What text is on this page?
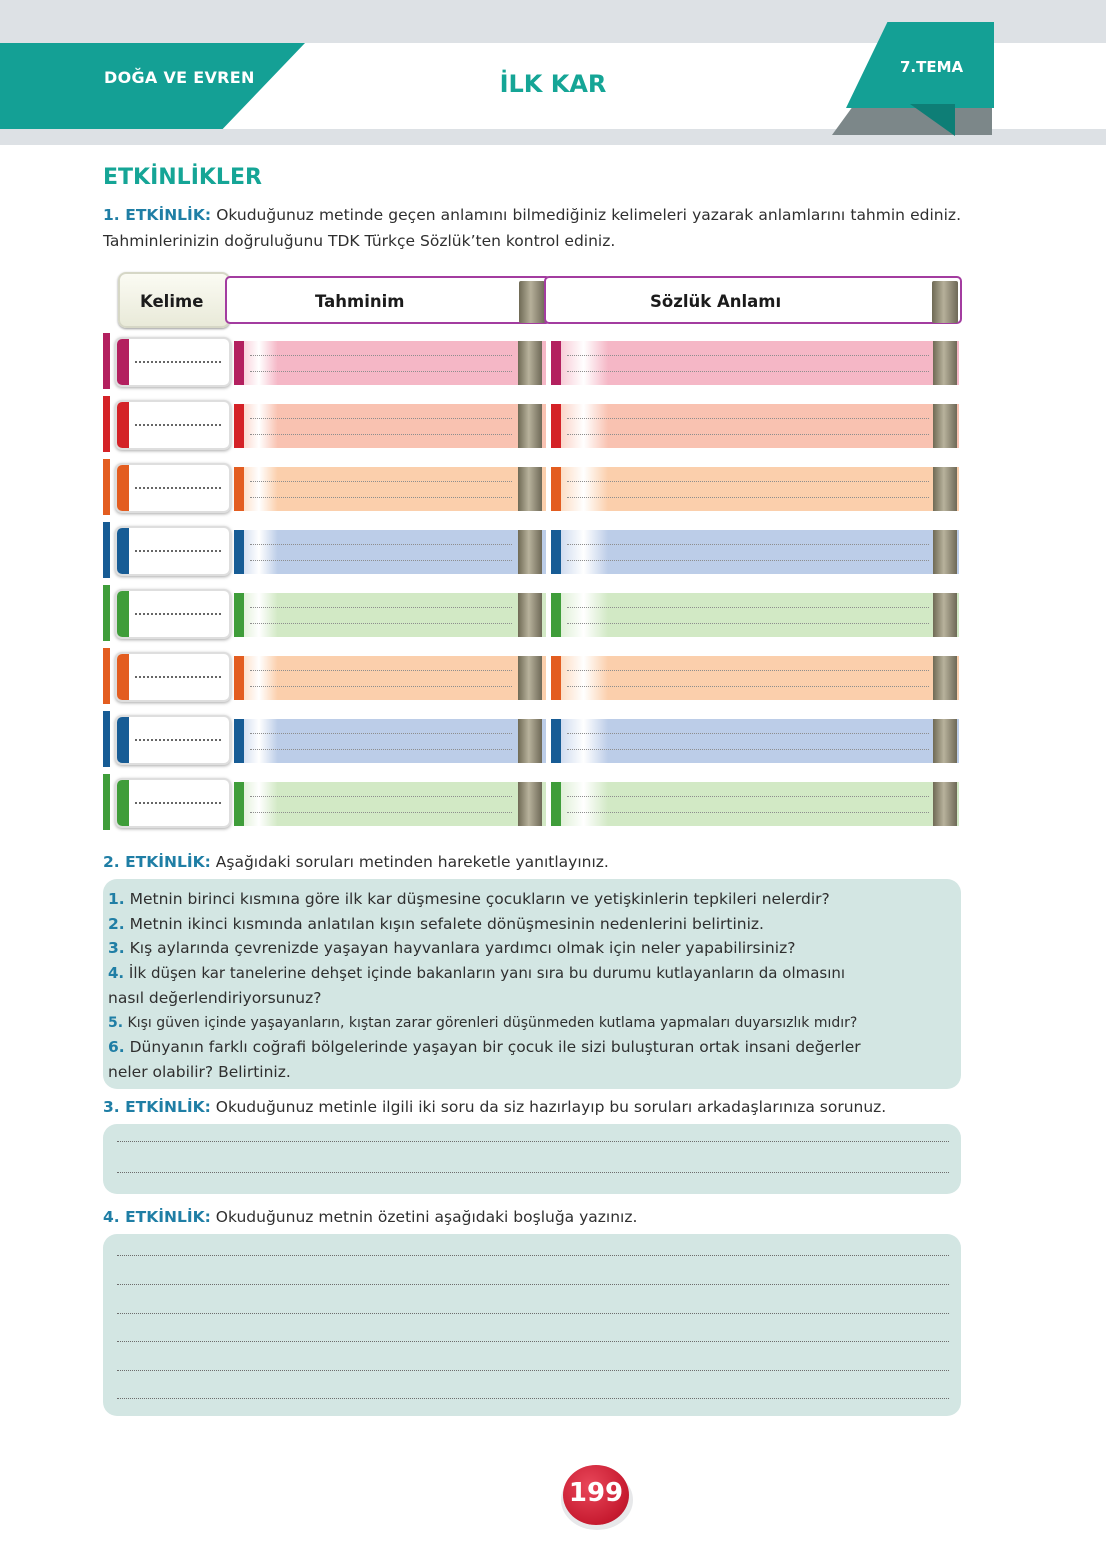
DOĞA VE EVREN	İLK KAR
7.TEMA
ETKİNLİKLER
1. ETKİNLİK: Okuduğunuz metinde geçen anlamını bilmediğiniz kelimeleri yazarak anlamlarını tahmin ediniz. Tahminlerinizin doğruluğunu TDK Türkçe Sözlük’ten kontrol ediniz.
Kelime	Tahminim	Sözlük Anlamı
2. ETKİNLİK: Aşağıdaki soruları metinden hareketle yanıtlayınız.
1. Metnin birinci kısmına göre ilk kar düşmesine çocukların ve yetişkinlerin tepkileri nelerdir?
2. Metnin ikinci kısmında anlatılan kışın sefalete dönüşmesinin nedenlerini belirtiniz.
3. Kış aylarında çevrenizde yaşayan hayvanlara yardımcı olmak için neler yapabilirsiniz?
4. İlk düşen kar tanelerine dehşet içinde bakanların yanı sıra bu durumu kutlayanların da olmasını
nasıl değerlendiriyorsunuz?
5. Kışı güven içinde yaşayanların, kıştan zarar görenleri düşünmeden kutlama yapmaları duyarsızlık mıdır?
6. Dünyanın farklı coğrafi bölgelerinde yaşayan bir çocuk ile sizi buluşturan ortak insani değerler
neler olabilir? Belirtiniz.
3. ETKİNLİK: Okuduğunuz metinle ilgili iki soru da siz hazırlayıp bu soruları arkadaşlarınıza sorunuz.
4. ETKİNLİK: Okuduğunuz metnin özetini aşağıdaki boşluğa yazınız.
199
